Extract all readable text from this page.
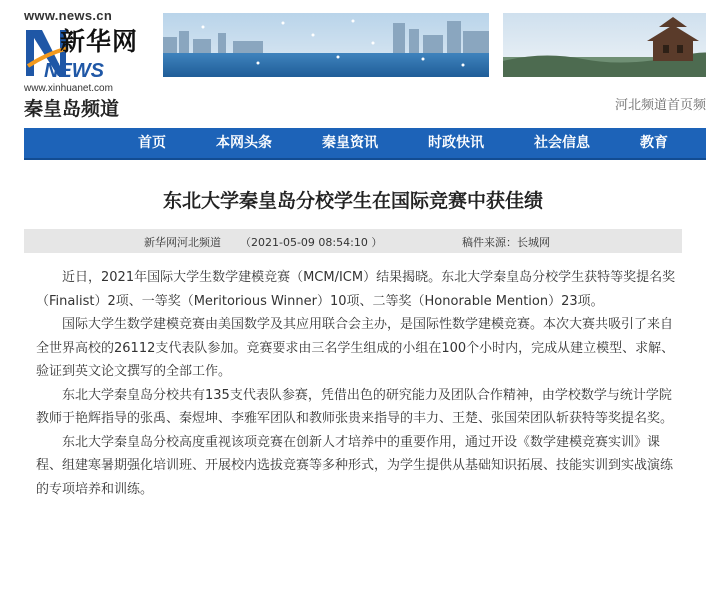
www.news.cn
新华网
NEWS
www.xinhuanet.com
秦皇岛频道	河北频道首页频
首页	本网头条	秦皇资讯	时政快讯	社会信息	教育
东北大学秦皇岛分校学生在国际竞赛中获佳绩
新华网河北频道 （2021-05-09 08:54:10 ）	稿件来源：长城网

近日，2021年国际大学生数学建模竞赛（MCM/ICM）结果揭晓。东北大学秦皇岛分校学生获特等奖提名奖（Finalist）2项、一等奖（Meritorious Winner）10项、二等奖（Honorable Mention）23项。

国际大学生数学建模竞赛由美国数学及其应用联合会主办，是国际性数学建模竞赛。本次大赛共吸引了来自全世界高校的26112支代表队参加。竞赛要求由三名学生组成的小组在100个小时内，完成从建立模型、求解、验证到英文论文撰写的全部工作。

东北大学秦皇岛分校共有135支代表队参赛，凭借出色的研究能力及团队合作精神，由学校数学与统计学院教师于艳辉指导的张禹、秦煜坤、李雅军团队和教师张贵来指导的丰力、王楚、张国荣团队斩获特等奖提名奖。

东北大学秦皇岛分校高度重视该项竞赛在创新人才培养中的重要作用，通过开设《数学建模竞赛实训》课程、组建寒暑期强化培训班、开展校内选拔竞赛等多种形式，为学生提供从基础知识拓展、技能实训到实战演练的专项培养和训练。
